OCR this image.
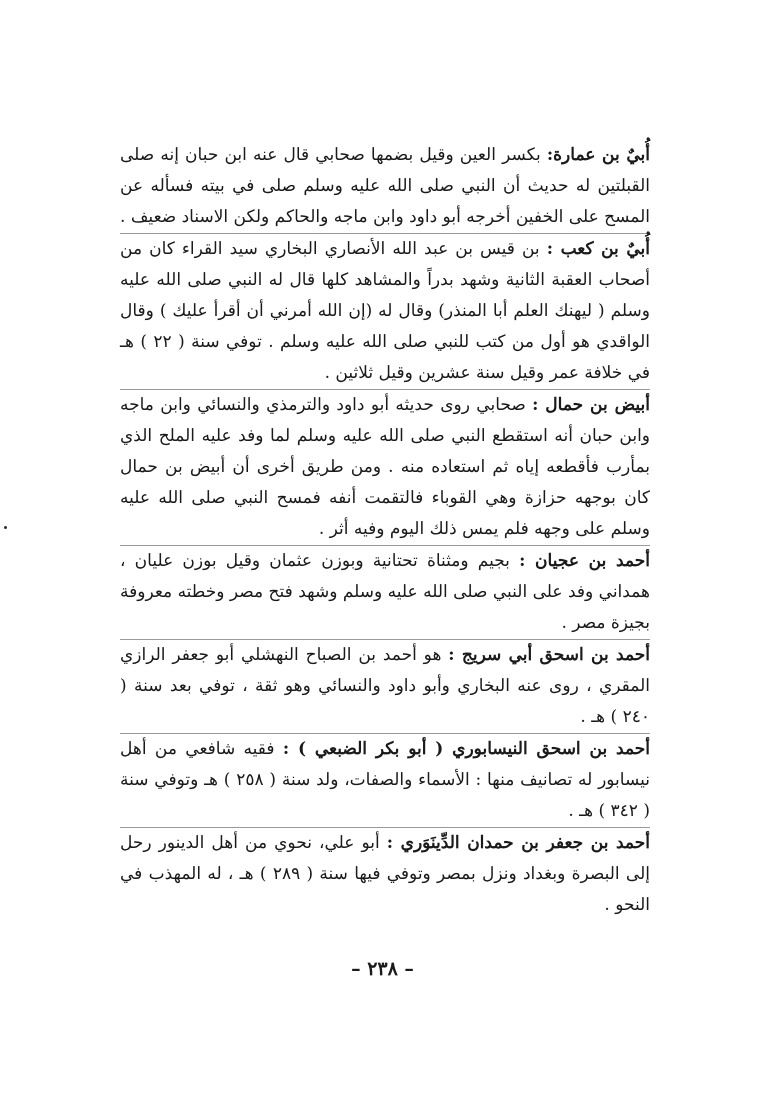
أُبيٌ بن عمارة: بكسر العين وقيل بضمها صحابي قال عنه ابن حبان إنه صلى القبلتين له حديث أن النبي صلى الله عليه وسلم صلى في بيته فسأله عن المسح على الخفين أخرجه أبو داود وابن ماجه والحاكم ولكن الاسناد ضعيف .

أُبيٌ بن كعب : بن قيس بن عبد الله الأنصاري البخاري سيد القراء كان من أصحاب العقبة الثانية وشهد بدراً والمشاهد كلها قال له النبي صلى الله عليه وسلم ( ليهنك العلم أبا المنذر) وقال له (إن الله أمرني أن أقرأ عليك ) وقال الواقدي هو أول من كتب للنبي صلى الله عليه وسلم . توفي سنة ( ٢٢ ) هـ في خلافة عمر وقيل سنة عشرين وقيل ثلاثين .

أبيض بن حمال : صحابي روى حديثه أبو داود والترمذي والنسائي وابن ماجه وابن حبان أنه استقطع النبي صلى الله عليه وسلم لما وفد عليه الملح الذي بمأرب فأقطعه إياه ثم استعاده منه . ومن طريق أخرى أن أبيض بن حمال كان بوجهه حزازة وهي القوباء فالتقمت أنفه فمسح النبي صلى الله عليه وسلم على وجهه فلم يمس ذلك اليوم وفيه أثر .

أحمد بن عجيان : بجيم ومثناة تحتانية وبوزن عثمان وقيل بوزن عليان ، همداني وفد على النبي صلى الله عليه وسلم وشهد فتح مصر وخطته معروفة بجيزة مصر .

أحمد بن اسحق أبي سريج : هو أحمد بن الصباح النهشلي أبو جعفر الرازي المقري ، روى عنه البخاري وأبو داود والنسائي وهو ثقة ، توفي بعد سنة ( ٢٤٠ ) هـ .

أحمد بن اسحق النيسابوري ( أبو بكر الضبعي ) : فقيه شافعي من أهل نيسابور له تصانيف منها : الأسماء والصفات، ولد سنة ( ٢٥٨ ) هـ وتوفي سنة ( ٣٤٢ ) هـ .

أحمد بن جعفر بن حمدان الدِّينَوَري : أبو علي، نحوي من أهل الدينور رحل إلى البصرة وبغداد ونزل بمصر وتوفي فيها سنة ( ٢٨٩ ) هـ ، له المهذب في النحو .

– ٢٣٨ –
